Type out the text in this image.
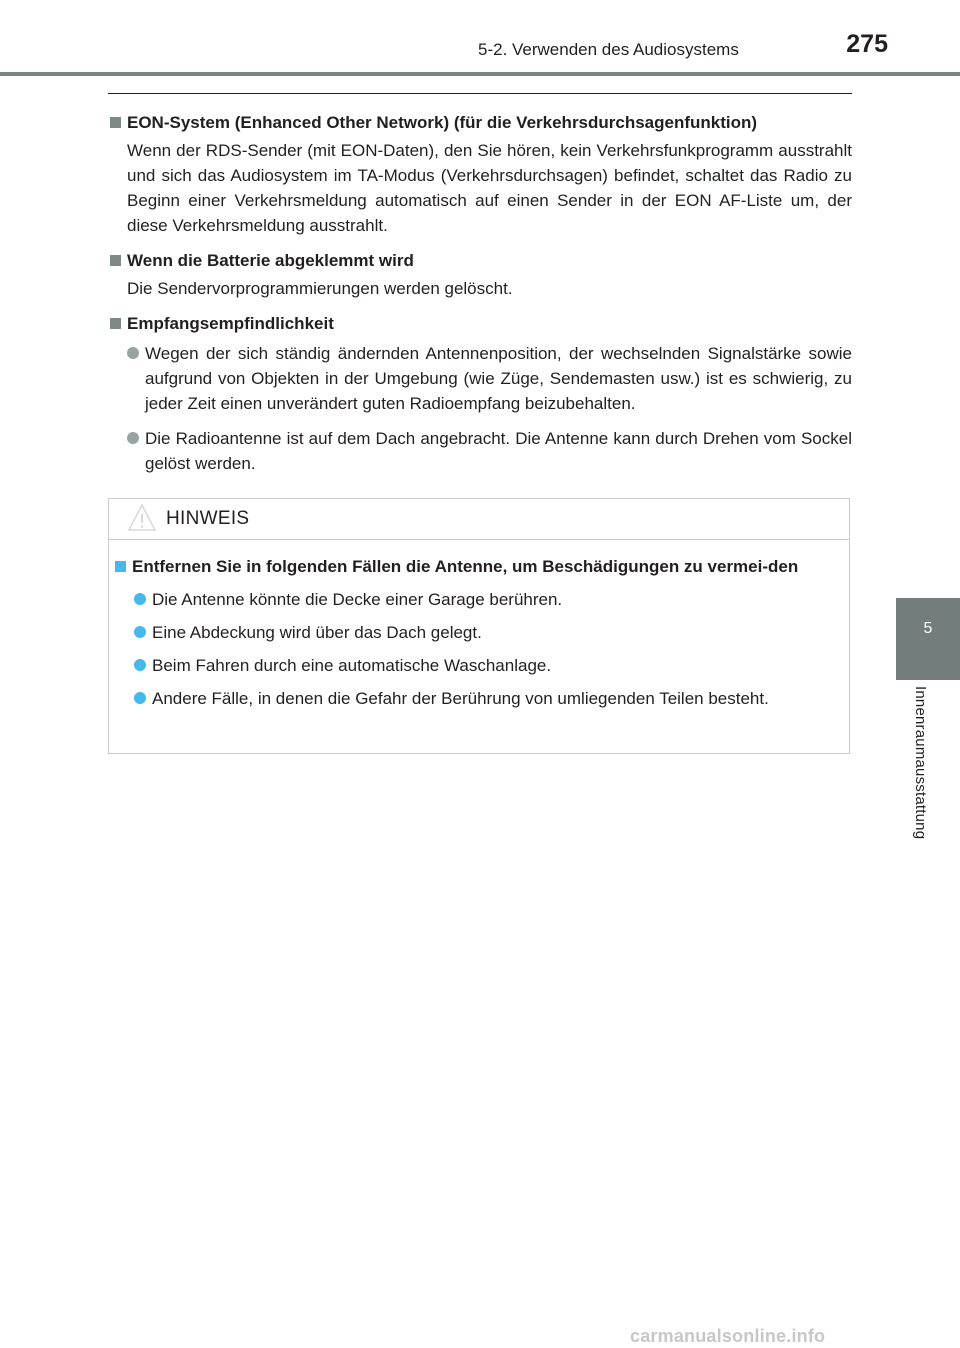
5-2. Verwenden des Audiosystems	275
5
Innenraumausstattung
EON-System (Enhanced Other Network) (für die Verkehrsdurchsagenfunktion)
Wenn der RDS-Sender (mit EON-Daten), den Sie hören, kein Verkehrsfunkprogramm ausstrahlt und sich das Audiosystem im TA-Modus (Verkehrsdurchsagen) befindet, schaltet das Radio zu Beginn einer Verkehrsmeldung automatisch auf einen Sender in der EON AF-Liste um, der diese Verkehrsmeldung ausstrahlt.
Wenn die Batterie abgeklemmt wird
Die Sendervorprogrammierungen werden gelöscht.
Empfangsempfindlichkeit
Wegen der sich ständig ändernden Antennenposition, der wechselnden Signalstärke sowie aufgrund von Objekten in der Umgebung (wie Züge, Sendemasten usw.) ist es schwierig, zu jeder Zeit einen unverändert guten Radioempfang beizubehalten.
Die Radioantenne ist auf dem Dach angebracht. Die Antenne kann durch Drehen vom Sockel gelöst werden.
HINWEIS
Entfernen Sie in folgenden Fällen die Antenne, um Beschädigungen zu vermei-den
Die Antenne könnte die Decke einer Garage berühren.
Eine Abdeckung wird über das Dach gelegt.
Beim Fahren durch eine automatische Waschanlage.
Andere Fälle, in denen die Gefahr der Berührung von umliegenden Teilen besteht.
carmanualsonline.info
